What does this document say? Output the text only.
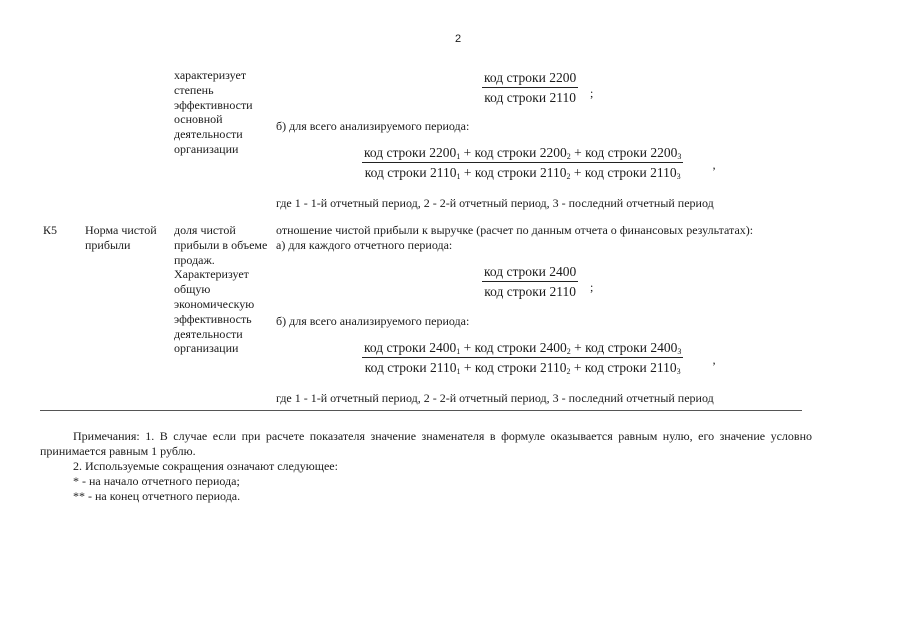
2
характеризует степень эффективности основной деятельности организации
код строки 2200
код строки 2110 ;
б) для всего анализируемого периода:
код строки $2200_1$ + код строки $2200_2$ + код строки $2200_3$
код строки $2110_1$ + код строки $2110_2$ + код строки $2110_3$	’
где 1 - 1-й отчетный период, 2 - 2-й отчетный период, 3 - последний отчетный период
К5 Норма чистой прибыли
доля чистой прибыли в объеме продаж. Характеризует общую экономическую эффективность деятельности организации
отношение чистой прибыли к выручке (расчет по данным отчета о финансовых результатах):
а) для каждого отчетного периода:
код строки 2400
код строки 2110 ;
б) для всего анализируемого периода:
код строки $2400_1$ + код строки $2400_2$ + код строки $2400_3$
код строки $2110_1$ + код строки $2110_2$ + код строки $2110_3$	’
где 1 - 1-й отчетный период, 2 - 2-й отчетный период, 3 - последний отчетный период

Примечания: 1. В случае если при расчете показателя значение знаменателя в формуле оказывается равным нулю, его значение условно принимается равным 1 рублю.

2. Используемые сокращения означают следующее:

* - на начало отчетного периода;

** - на конец отчетного периода.
